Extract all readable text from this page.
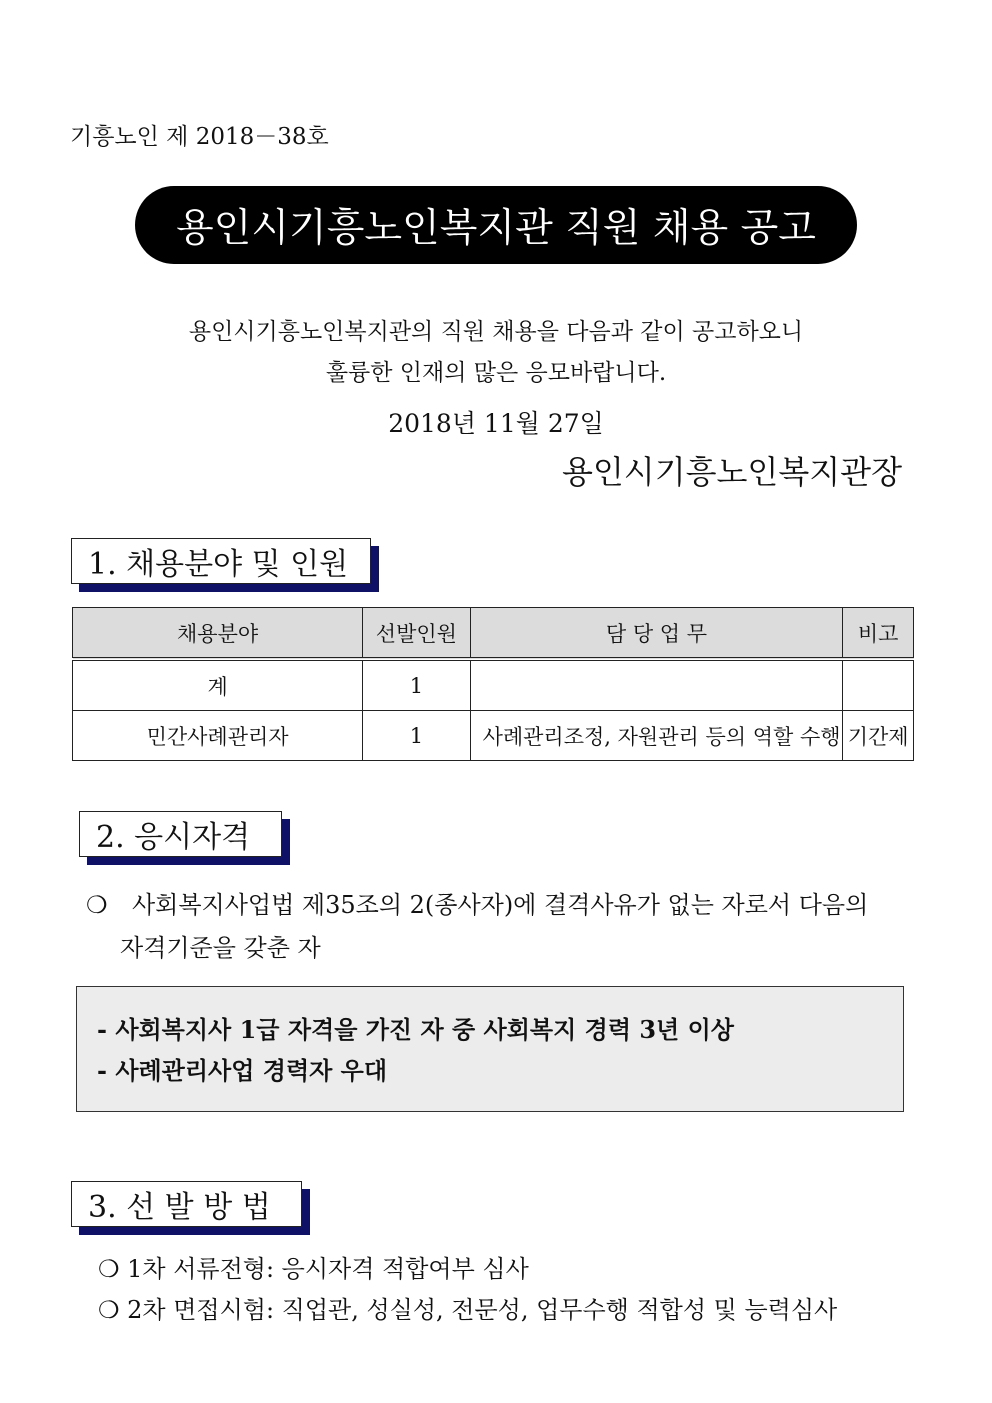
기흥노인 제 2018－38호
용인시기흥노인복지관 직원 채용 공고
용인시기흥노인복지관의 직원 채용을 다음과 같이 공고하오니
훌륭한 인재의 많은 응모바랍니다.
2018년 11월 27일
용인시기흥노인복지관장
1. 채용분야 및 인원
채용분야	선발인원	담 당 업 무	비고
계	1		
민간사례관리자	1	사례관리조정, 자원관리 등의 역할 수행	기간제
2. 응시자격
❍ 사회복지사업법 제35조의 2(종사자)에 결격사유가 없는 자로서 다음의
자격기준을 갖춘 자
- 사회복지사 1급 자격을 가진 자 중 사회복지 경력 3년 이상
- 사례관리사업 경력자 우대
3. 선 발 방 법
❍ 1차 서류전형: 응시자격 적합여부 심사
❍ 2차 면접시험: 직업관, 성실성, 전문성, 업무수행 적합성 및 능력심사
